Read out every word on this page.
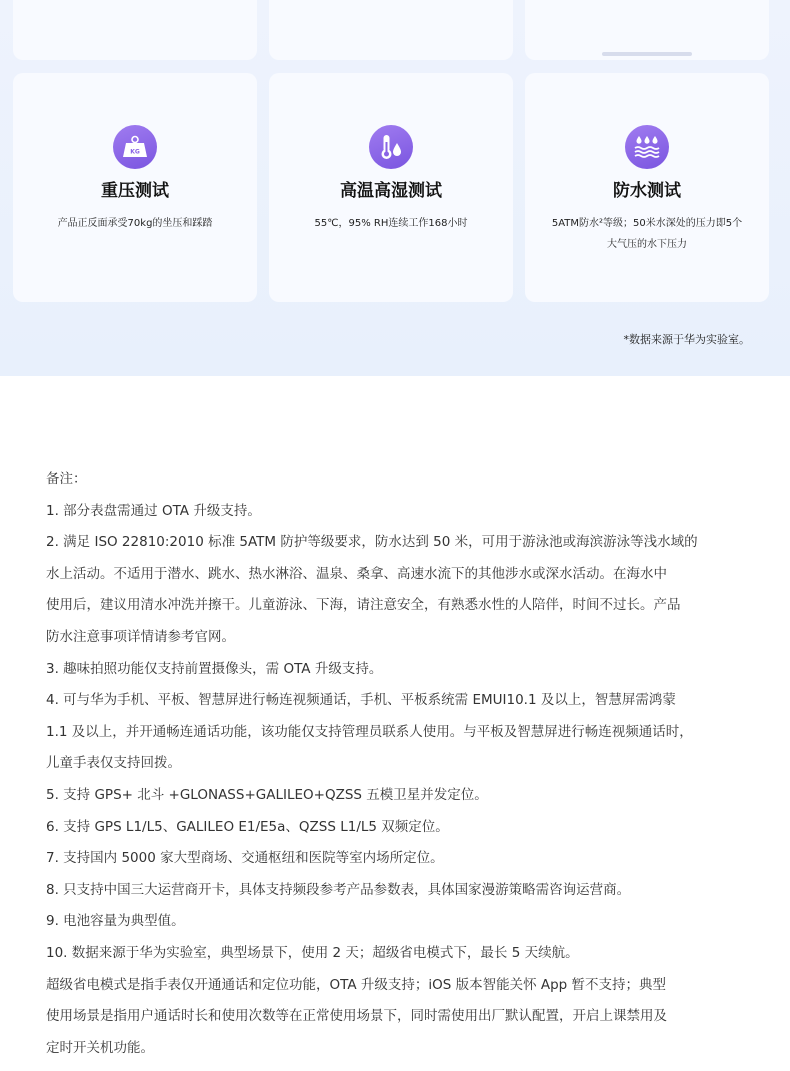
KG
重压测试
产品正反面承受70kg的坐压和踩踏
高温高湿测试
55℃，95% RH连续工作168小时
防水测试
5ATM防水²等级；50米水深处的压力即5个
大气压的水下压力
*数据来源于华为实验室。

备注：

1. 部分表盘需通过 OTA 升级支持。

2. 满足 ISO 22810:2010 标准 5ATM 防护等级要求，防水达到 50 米，可用于游泳池或海滨游泳等浅水域的

水上活动。不适用于潜水、跳水、热水淋浴、温泉、桑拿、高速水流下的其他涉水或深水活动。在海水中

使用后，建议用清水冲洗并擦干。儿童游泳、下海，请注意安全，有熟悉水性的人陪伴，时间不过长。产品

防水注意事项详情请参考官网。

3. 趣味拍照功能仅支持前置摄像头，需 OTA 升级支持。

4. 可与华为手机、平板、智慧屏进行畅连视频通话，手机、平板系统需 EMUI10.1 及以上，智慧屏需鸿蒙

1.1 及以上，并开通畅连通话功能，该功能仅支持管理员联系人使用。与平板及智慧屏进行畅连视频通话时，

儿童手表仅支持回拨。

5. 支持 GPS+ 北斗 +GLONASS+GALILEO+QZSS 五模卫星并发定位。

6. 支持 GPS L1/L5、GALILEO E1/E5a、QZSS L1/L5 双频定位。

7. 支持国内 5000 家大型商场、交通枢纽和医院等室内场所定位。

8. 只支持中国三大运营商开卡，具体支持频段参考产品参数表，具体国家漫游策略需咨询运营商。

9. 电池容量为典型值。

10. 数据来源于华为实验室，典型场景下，使用 2 天；超级省电模式下，最长 5 天续航。

超级省电模式是指手表仅开通通话和定位功能，OTA 升级支持；iOS 版本智能关怀 App 暂不支持；典型

使用场景是指用户通话时长和使用次数等在正常使用场景下，同时需使用出厂默认配置，开启上课禁用及

定时开关机功能。
